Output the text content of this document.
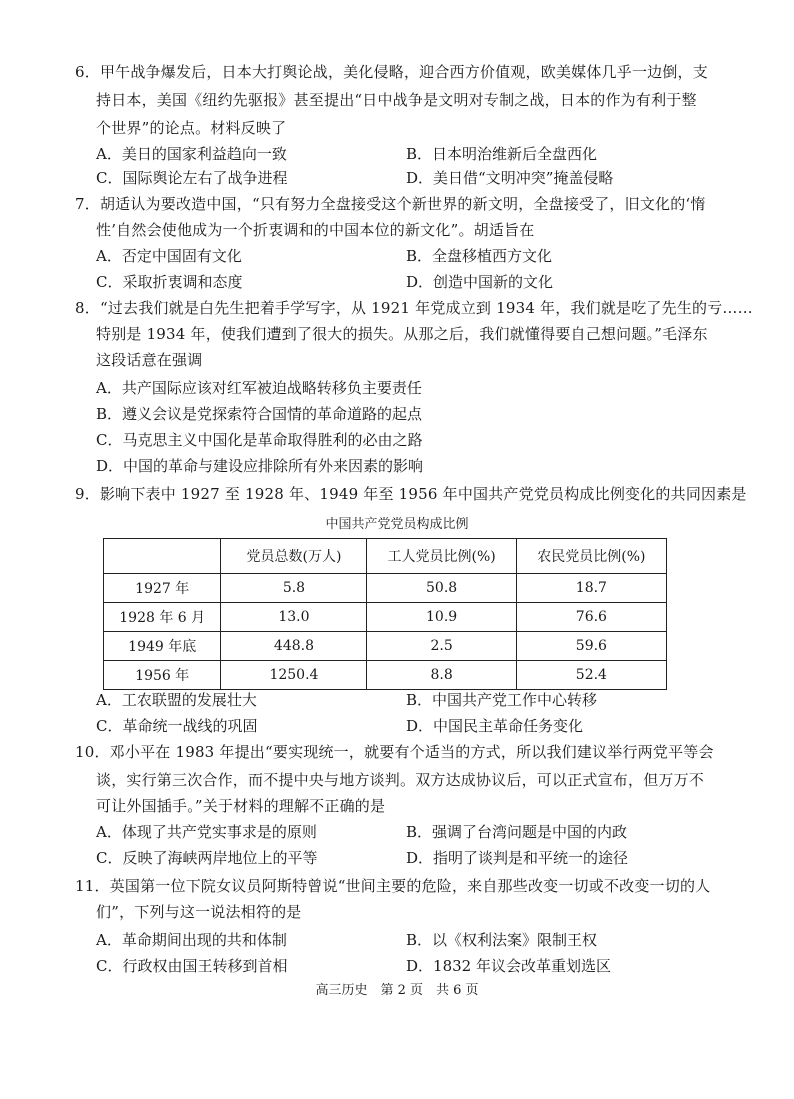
6．甲午战争爆发后，日本大打舆论战，美化侵略，迎合西方价值观，欧美媒体几乎一边倒，支
持日本，美国《纽约先驱报》甚至提出“日中战争是文明对专制之战，日本的作为有利于整
个世界”的论点。材料反映了
A．美日的国家利益趋向一致	B．日本明治维新后全盘西化
C．国际舆论左右了战争进程	D．美日借“文明冲突”掩盖侵略
7．胡适认为要改造中国，“只有努力全盘接受这个新世界的新文明，全盘接受了，旧文化的‘惰
性’自然会使他成为一个折衷调和的中国本位的新文化”。胡适旨在
A．否定中国固有文化	B．全盘移植西方文化
C．采取折衷调和态度	D．创造中国新的文化
8．“过去我们就是白先生把着手学写字，从 1921 年党成立到 1934 年，我们就是吃了先生的亏……
特别是 1934 年，使我们遭到了很大的损失。从那之后，我们就懂得要自己想问题。”毛泽东
这段话意在强调
A．共产国际应该对红军被迫战略转移负主要责任
B．遵义会议是党探索符合国情的革命道路的起点
C．马克思主义中国化是革命取得胜利的必由之路
D．中国的革命与建设应排除所有外来因素的影响
9．影响下表中 1927 至 1928 年、1949 年至 1956 年中国共产党党员构成比例变化的共同因素是
中国共产党党员构成比例
	党员总数(万人)	工人党员比例(%)	农民党员比例(%)
1927 年	5.8	50.8	18.7
1928 年 6 月	13.0	10.9	76.6
1949 年底	448.8	2.5	59.6
1956 年	1250.4	8.8	52.4
A．工农联盟的发展壮大	B．中国共产党工作中心转移
C．革命统一战线的巩固	D．中国民主革命任务变化
10．邓小平在 1983 年提出“要实现统一，就要有个适当的方式，所以我们建议举行两党平等会
谈，实行第三次合作，而不提中央与地方谈判。双方达成协议后，可以正式宣布，但万万不
可让外国插手。”关于材料的理解不正确的是
A．体现了共产党实事求是的原则	B．强调了台湾问题是中国的内政
C．反映了海峡两岸地位上的平等	D．指明了谈判是和平统一的途径
11．英国第一位下院女议员阿斯特曾说“世间主要的危险，来自那些改变一切或不改变一切的人
们”，下列与这一说法相符的是
A．革命期间出现的共和体制	B．以《权利法案》限制王权
C．行政权由国王转移到首相	D．1832 年议会改革重划选区
高三历史　第 2 页　共 6 页
